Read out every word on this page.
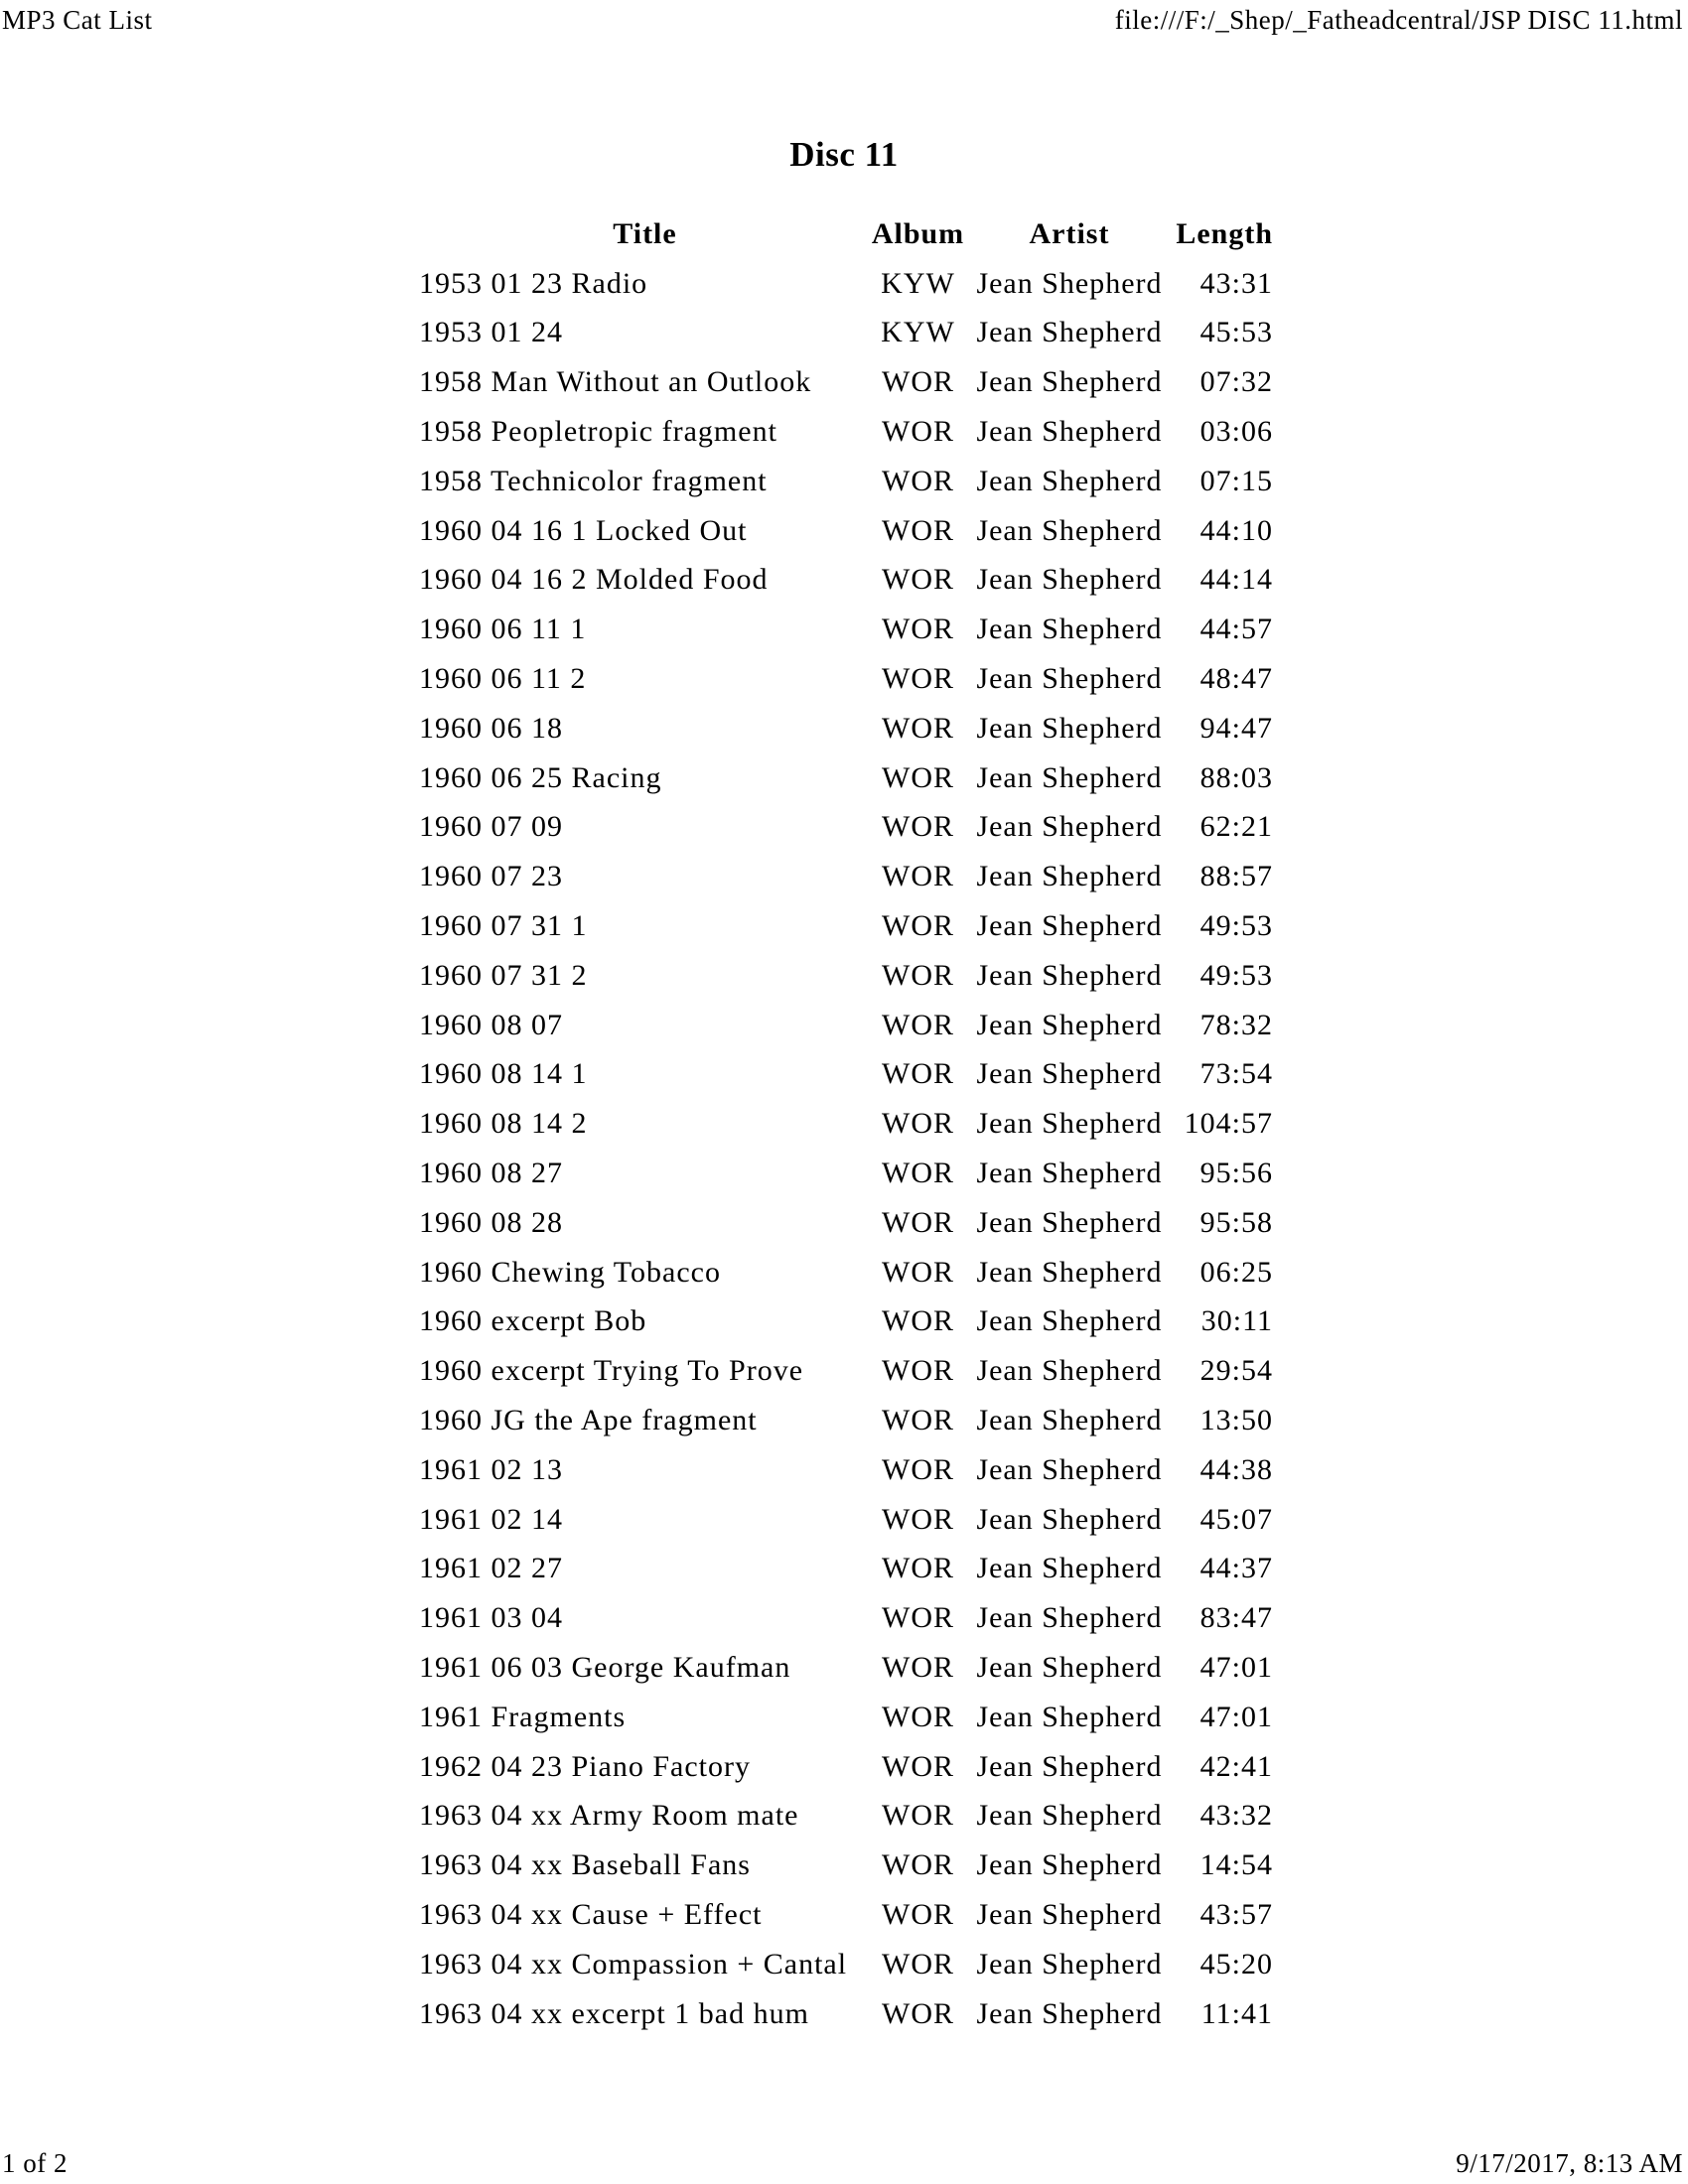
MP3 Cat List	file:///F:/_Shep/_Fatheadcentral/JSP DISC 11.html
Disc 11
Title	Album	Artist	Length
1953 01 23 Radio	KYW	Jean Shepherd	43:31
1953 01 24	KYW	Jean Shepherd	45:53
1958 Man Without an Outlook	WOR	Jean Shepherd	07:32
1958 Peopletropic fragment	WOR	Jean Shepherd	03:06
1958 Technicolor fragment	WOR	Jean Shepherd	07:15
1960 04 16 1 Locked Out	WOR	Jean Shepherd	44:10
1960 04 16 2 Molded Food	WOR	Jean Shepherd	44:14
1960 06 11 1	WOR	Jean Shepherd	44:57
1960 06 11 2	WOR	Jean Shepherd	48:47
1960 06 18	WOR	Jean Shepherd	94:47
1960 06 25 Racing	WOR	Jean Shepherd	88:03
1960 07 09	WOR	Jean Shepherd	62:21
1960 07 23	WOR	Jean Shepherd	88:57
1960 07 31 1	WOR	Jean Shepherd	49:53
1960 07 31 2	WOR	Jean Shepherd	49:53
1960 08 07	WOR	Jean Shepherd	78:32
1960 08 14 1	WOR	Jean Shepherd	73:54
1960 08 14 2	WOR	Jean Shepherd	104:57
1960 08 27	WOR	Jean Shepherd	95:56
1960 08 28	WOR	Jean Shepherd	95:58
1960 Chewing Tobacco	WOR	Jean Shepherd	06:25
1960 excerpt Bob	WOR	Jean Shepherd	30:11
1960 excerpt Trying To Prove	WOR	Jean Shepherd	29:54
1960 JG the Ape fragment	WOR	Jean Shepherd	13:50
1961 02 13	WOR	Jean Shepherd	44:38
1961 02 14	WOR	Jean Shepherd	45:07
1961 02 27	WOR	Jean Shepherd	44:37
1961 03 04	WOR	Jean Shepherd	83:47
1961 06 03 George Kaufman	WOR	Jean Shepherd	47:01
1961 Fragments	WOR	Jean Shepherd	47:01
1962 04 23 Piano Factory	WOR	Jean Shepherd	42:41
1963 04 xx Army Room mate	WOR	Jean Shepherd	43:32
1963 04 xx Baseball Fans	WOR	Jean Shepherd	14:54
1963 04 xx Cause + Effect	WOR	Jean Shepherd	43:57
1963 04 xx Compassion + Cantal	WOR	Jean Shepherd	45:20
1963 04 xx excerpt 1 bad hum	WOR	Jean Shepherd	11:41
1 of 2	9/17/2017, 8:13 AM
